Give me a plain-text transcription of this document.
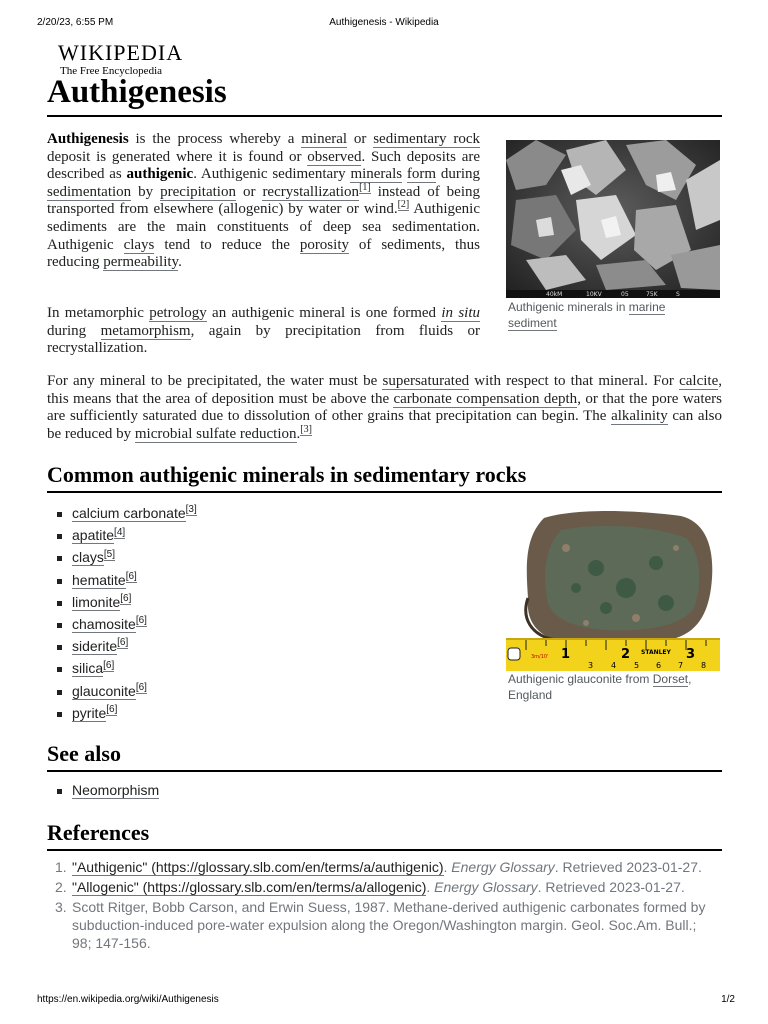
2/20/23, 6:55 PM	Authigenesis - Wikipedia
WIKIPEDIA
The Free Encyclopedia
Authigenesis

Authigenesis is the process whereby a mineral or sedimentary rock deposit is generated where it is found or observed. Such deposits are described as authigenic. Authigenic sedimentary minerals form during sedimentation by precipitation or recrystallization[1] instead of being transported from elsewhere (allogenic) by water or wind.[2] Authigenic sediments are the main constituents of deep sea sedimentation. Authigenic clays tend to reduce the porosity of sediments, thus reducing permeability.

In metamorphic petrology an authigenic mineral is one formed in situ during metamorphism, again by precipitation from fluids or recrystallization.

40kM	10KV	05	75K	S
Authigenic minerals in marine sediment

For any mineral to be precipitated, the water must be supersaturated with respect to that mineral. For calcite, this means that the area of deposition must be above the carbonate compensation depth, or that the pore waters are sufficiently saturated due to dissolution of other grains that precipitation can begin. The alkalinity can also be reduced by microbial sulfate reduction.[3]

Common authigenic minerals in sedimentary rocks
calcium carbonate[3]
apatite[4]
clays[5]
hematite[6]
limonite[6]
chamosite[6]
siderite[6]
silica[6]
glauconite[6]
pyrite[6]
3m/10' 1	2	3
STANLEY
3 4 5 6 7 8
Authigenic glauconite from Dorset, England
See also
Neomorphism
References
1. "Authigenic" (https://glossary.slb.com/en/terms/a/authigenic). Energy Glossary. Retrieved 2023-01-27.
2. "Allogenic" (https://glossary.slb.com/en/terms/a/allogenic). Energy Glossary. Retrieved 2023-01-27.
3. Scott Ritger, Bobb Carson, and Erwin Suess, 1987. Methane-derived authigenic carbonates formed by subduction-induced pore-water expulsion along the Oregon/Washington margin. Geol. Soc.Am. Bull.; 98; 147-156.
https://en.wikipedia.org/wiki/Authigenesis	1/2
